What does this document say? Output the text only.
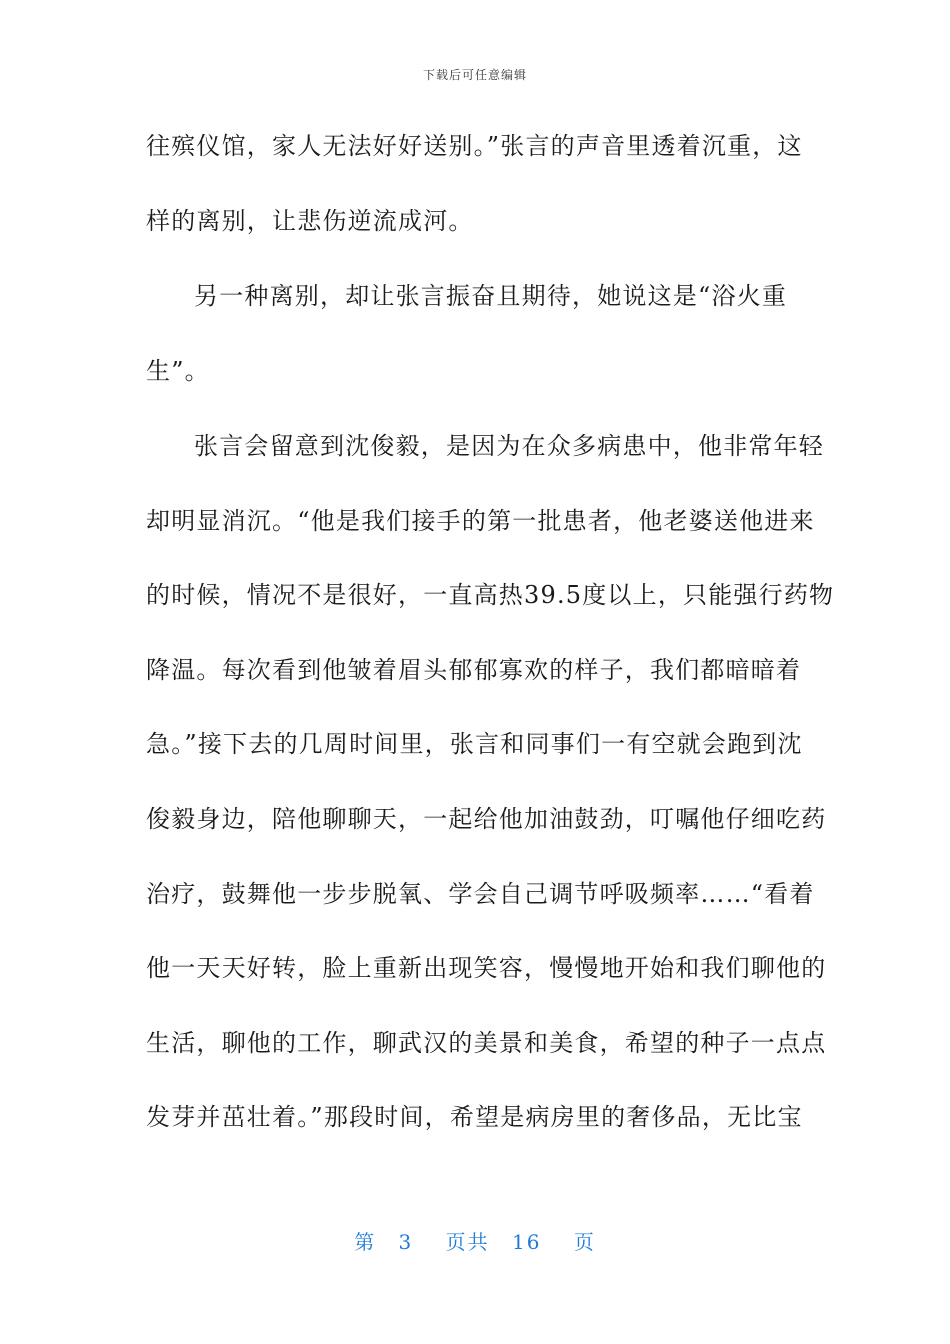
下载后可任意编辑
往殡仪馆，家人无法好好送别。”张言的声音里透着沉重，这
样的离别，让悲伤逆流成河。
另一种离别，却让张言振奋且期待，她说这是“浴火重
生”。
张言会留意到沈俊毅，是因为在众多病患中，他非常年轻
却明显消沉。“他是我们接手的第一批患者，他老婆送他进来
的时候，情况不是很好，一直高热39.5度以上，只能强行药物
降温。每次看到他皱着眉头郁郁寡欢的样子，我们都暗暗着
急。”接下去的几周时间里，张言和同事们一有空就会跑到沈
俊毅身边，陪他聊聊天，一起给他加油鼓劲，叮嘱他仔细吃药
治疗，鼓舞他一步步脱氧、学会自己调节呼吸频率……“看着
他一天天好转，脸上重新出现笑容，慢慢地开始和我们聊他的
生活，聊他的工作，聊武汉的美景和美食，希望的种子一点点
发芽并茁壮着。”那段时间，希望是病房里的奢侈品，无比宝
第 3 页共 16 页
